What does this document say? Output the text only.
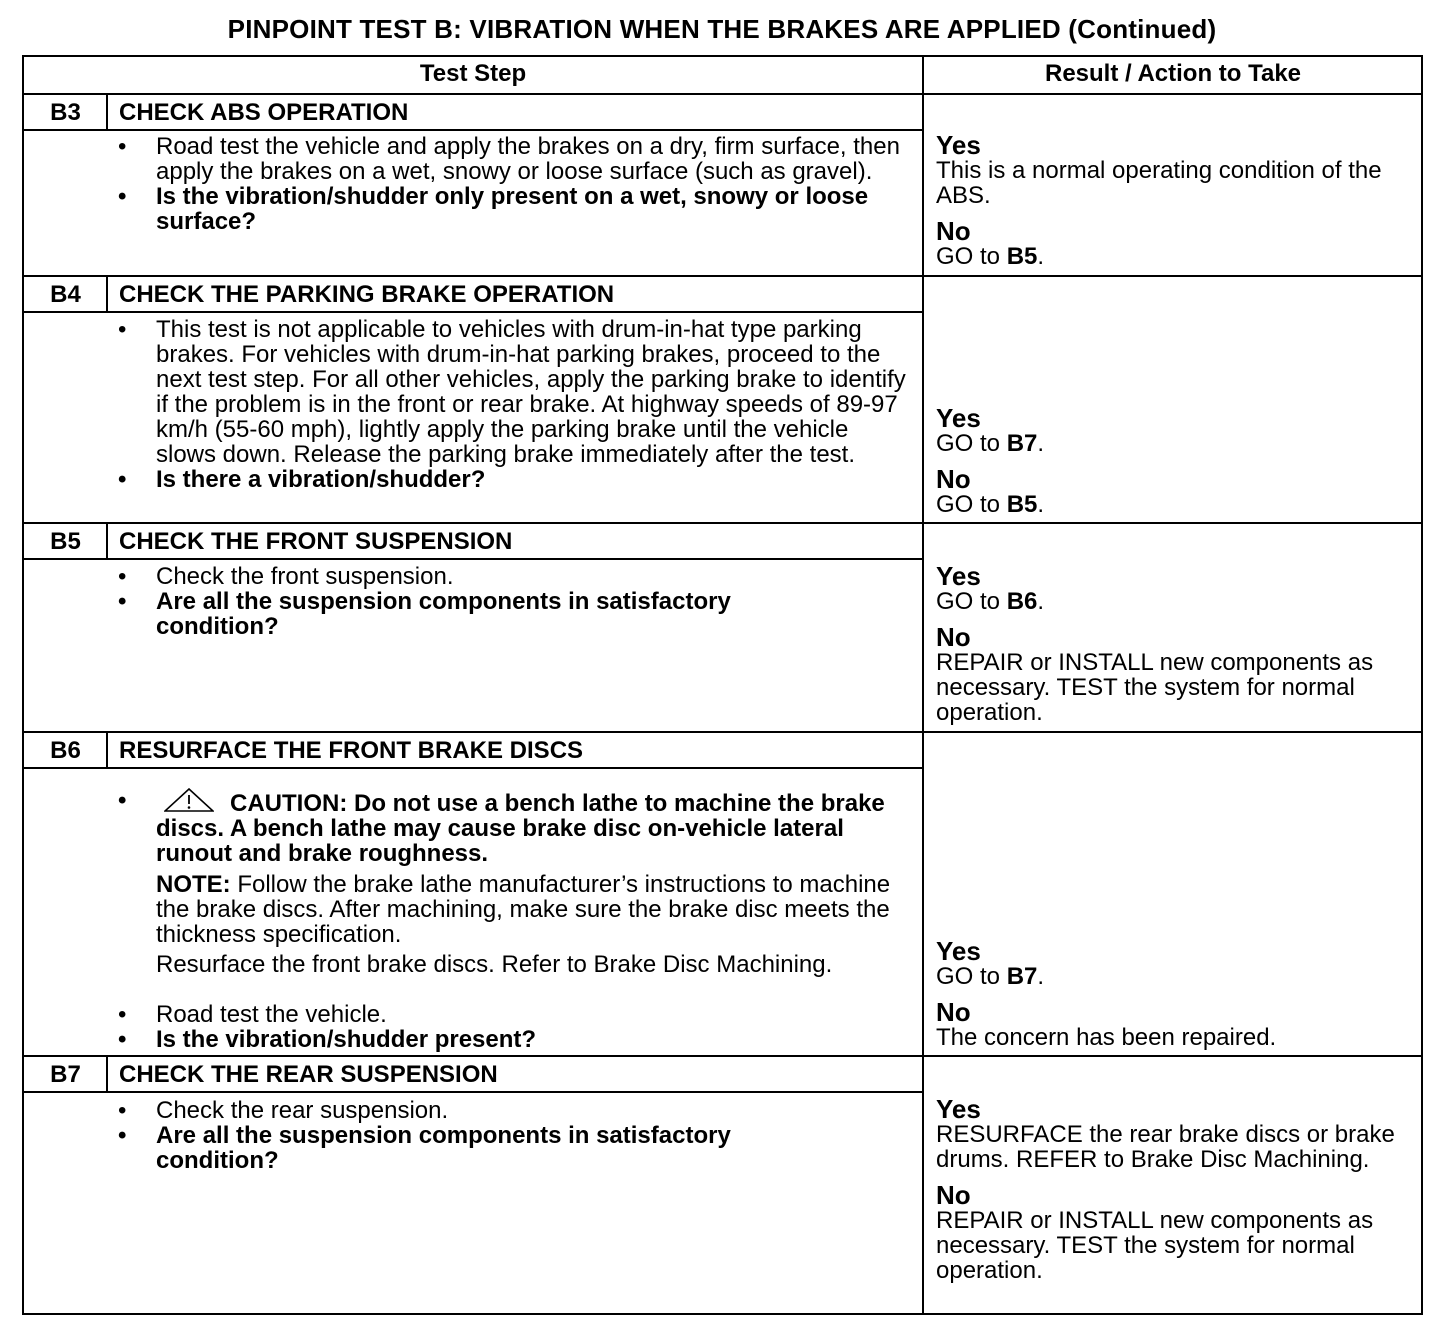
PINPOINT TEST B: VIBRATION WHEN THE BRAKES ARE APPLIED (Continued)
Test Step	Result / Action to Take
B3	CHECK ABS OPERATION
• Road test the vehicle and apply the brakes on a dry, firm surface, then apply the brakes on a wet, snowy or loose surface (such as gravel).
• Is the vibration/shudder only present on a wet, snowy or loose surface?
Yes
This is a normal operating condition of the ABS.
No
GO to B5.
B4	CHECK THE PARKING BRAKE OPERATION
• This test is not applicable to vehicles with drum-in-hat type parking brakes. For vehicles with drum-in-hat parking brakes, proceed to the next test step. For all other vehicles, apply the parking brake to identify if the problem is in the front or rear brake. At highway speeds of 89-97 km/h (55-60 mph), lightly apply the parking brake until the vehicle slows down. Release the parking brake immediately after the test.
• Is there a vibration/shudder?
Yes
GO to B7.
No
GO to B5.
B5	CHECK THE FRONT SUSPENSION
• Check the front suspension.
• Are all the suspension components in satisfactory condition?
Yes
GO to B6.
No
REPAIR or INSTALL new components as necessary. TEST the system for normal operation.
B6	RESURFACE THE FRONT BRAKE DISCS
•	CAUTION: Do not use a bench lathe to machine the brake discs. A bench lathe may cause brake disc on-vehicle lateral runout and brake roughness.
NOTE: Follow the brake lathe manufacturer’s instructions to machine the brake discs. After machining, make sure the brake disc meets the thickness specification.
Resurface the front brake discs. Refer to Brake Disc Machining.
• Road test the vehicle.
• Is the vibration/shudder present?
Yes
GO to B7.
No
The concern has been repaired.
B7	CHECK THE REAR SUSPENSION
• Check the rear suspension.
• Are all the suspension components in satisfactory condition?
Yes
RESURFACE the rear brake discs or brake drums. REFER to Brake Disc Machining.
No
REPAIR or INSTALL new components as necessary. TEST the system for normal operation.
